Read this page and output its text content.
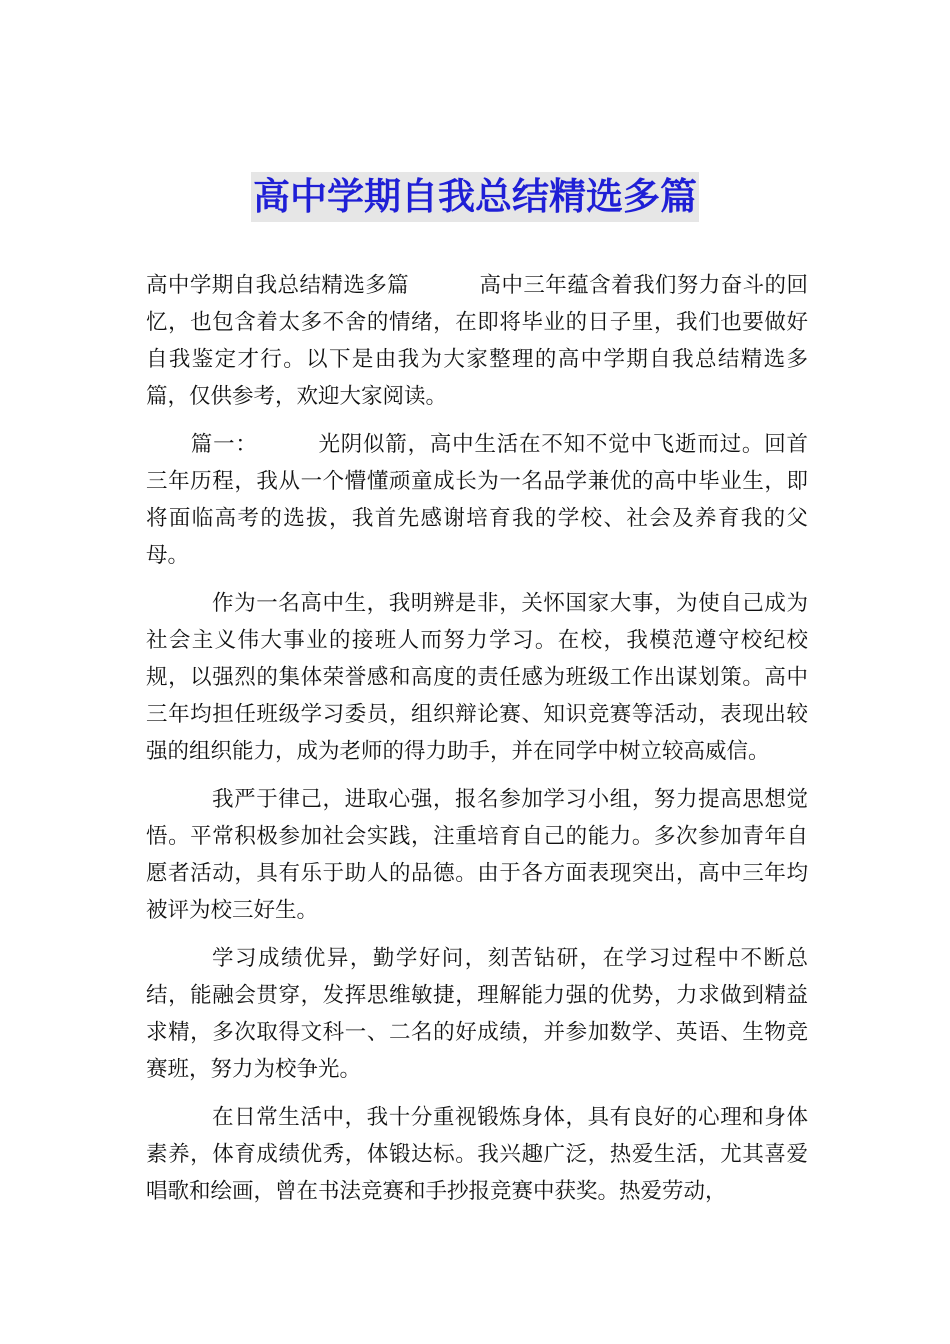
高中学期自我总结精选多篇

高中学期自我总结精选多篇	高中三年蕴含着我们努力奋斗的回忆，也包含着太多不舍的情绪，在即将毕业的日子里，我们也要做好自我鉴定才行。以下是由我为大家整理的高中学期自我总结精选多篇，仅供参考，欢迎大家阅读。

篇一：	光阴似箭，高中生活在不知不觉中飞逝而过。回首三年历程，我从一个懵懂顽童成长为一名品学兼优的高中毕业生，即将面临高考的选拔，我首先感谢培育我的学校、社会及养育我的父母。

作为一名高中生，我明辨是非，关怀国家大事，为使自己成为社会主义伟大事业的接班人而努力学习。在校，我模范遵守校纪校规，以强烈的集体荣誉感和高度的责任感为班级工作出谋划策。高中三年均担任班级学习委员，组织辩论赛、知识竞赛等活动，表现出较强的组织能力，成为老师的得力助手，并在同学中树立较高威信。

我严于律己，进取心强，报名参加学习小组，努力提高思想觉悟。平常积极参加社会实践，注重培育自己的能力。多次参加青年自愿者活动，具有乐于助人的品德。由于各方面表现突出，高中三年均被评为校三好生。

学习成绩优异，勤学好问，刻苦钻研，在学习过程中不断总结，能融会贯穿，发挥思维敏捷，理解能力强的优势，力求做到精益求精，多次取得文科一、二名的好成绩，并参加数学、英语、生物竞赛班，努力为校争光。

在日常生活中，我十分重视锻炼身体，具有良好的心理和身体素养，体育成绩优秀，体锻达标。我兴趣广泛，热爱生活，尤其喜爱唱歌和绘画，曾在书法竞赛和手抄报竞赛中获奖。热爱劳动，
